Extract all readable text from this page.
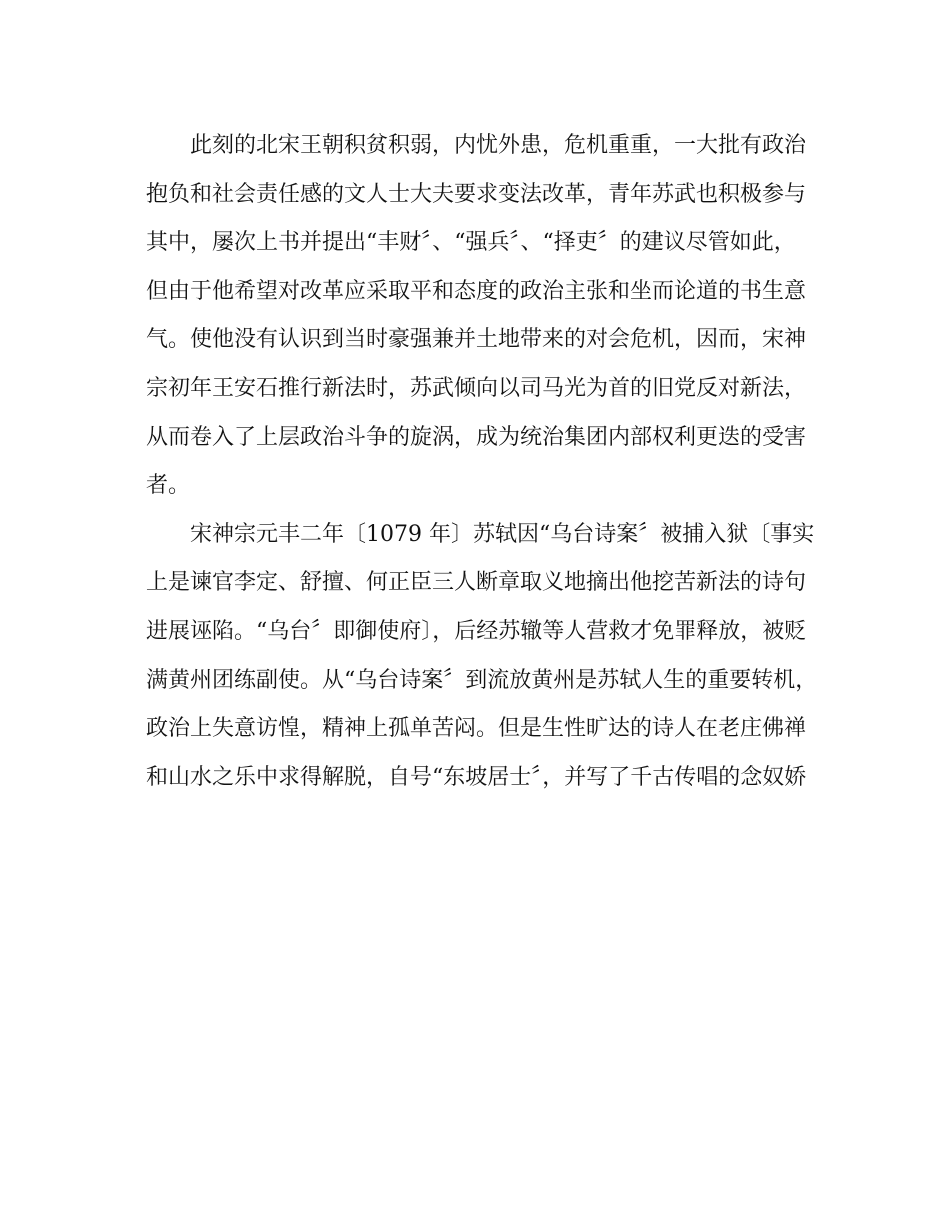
此刻的北宋王朝积贫积弱，内忧外患，危机重重，一大批有政治
抱负和社会责任感的文人士大夫要求变法改革，青年苏武也积极参与
其中，屡次上书并提出“丰财〞、“强兵〞、“择吏〞的建议尽管如此，
但由于他希望对改革应采取平和态度的政治主张和坐而论道的书生意
气。使他没有认识到当时豪强兼并土地带来的对会危机，因而，宋神
宗初年王安石推行新法时，苏武倾向以司马光为首的旧党反对新法，
从而卷入了上层政治斗争的旋涡，成为统治集团内部权利更迭的受害
者。
宋神宗元丰二年〔1079 年〕苏轼因“乌台诗案〞被捕入狱〔事实
上是谏官李定、舒擅、何正臣三人断章取义地摘出他挖苦新法的诗句
进展诬陷。“乌台〞即御使府〕，后经苏辙等人营救才免罪释放，被贬
满黄州团练副使。从“乌台诗案〞到流放黄州是苏轼人生的重要转机，
政治上失意访惶，精神上孤单苦闷。但是生性旷达的诗人在老庄佛禅
和山水之乐中求得解脱，自号“东坡居士〞，并写了千古传唱的念奴娇
